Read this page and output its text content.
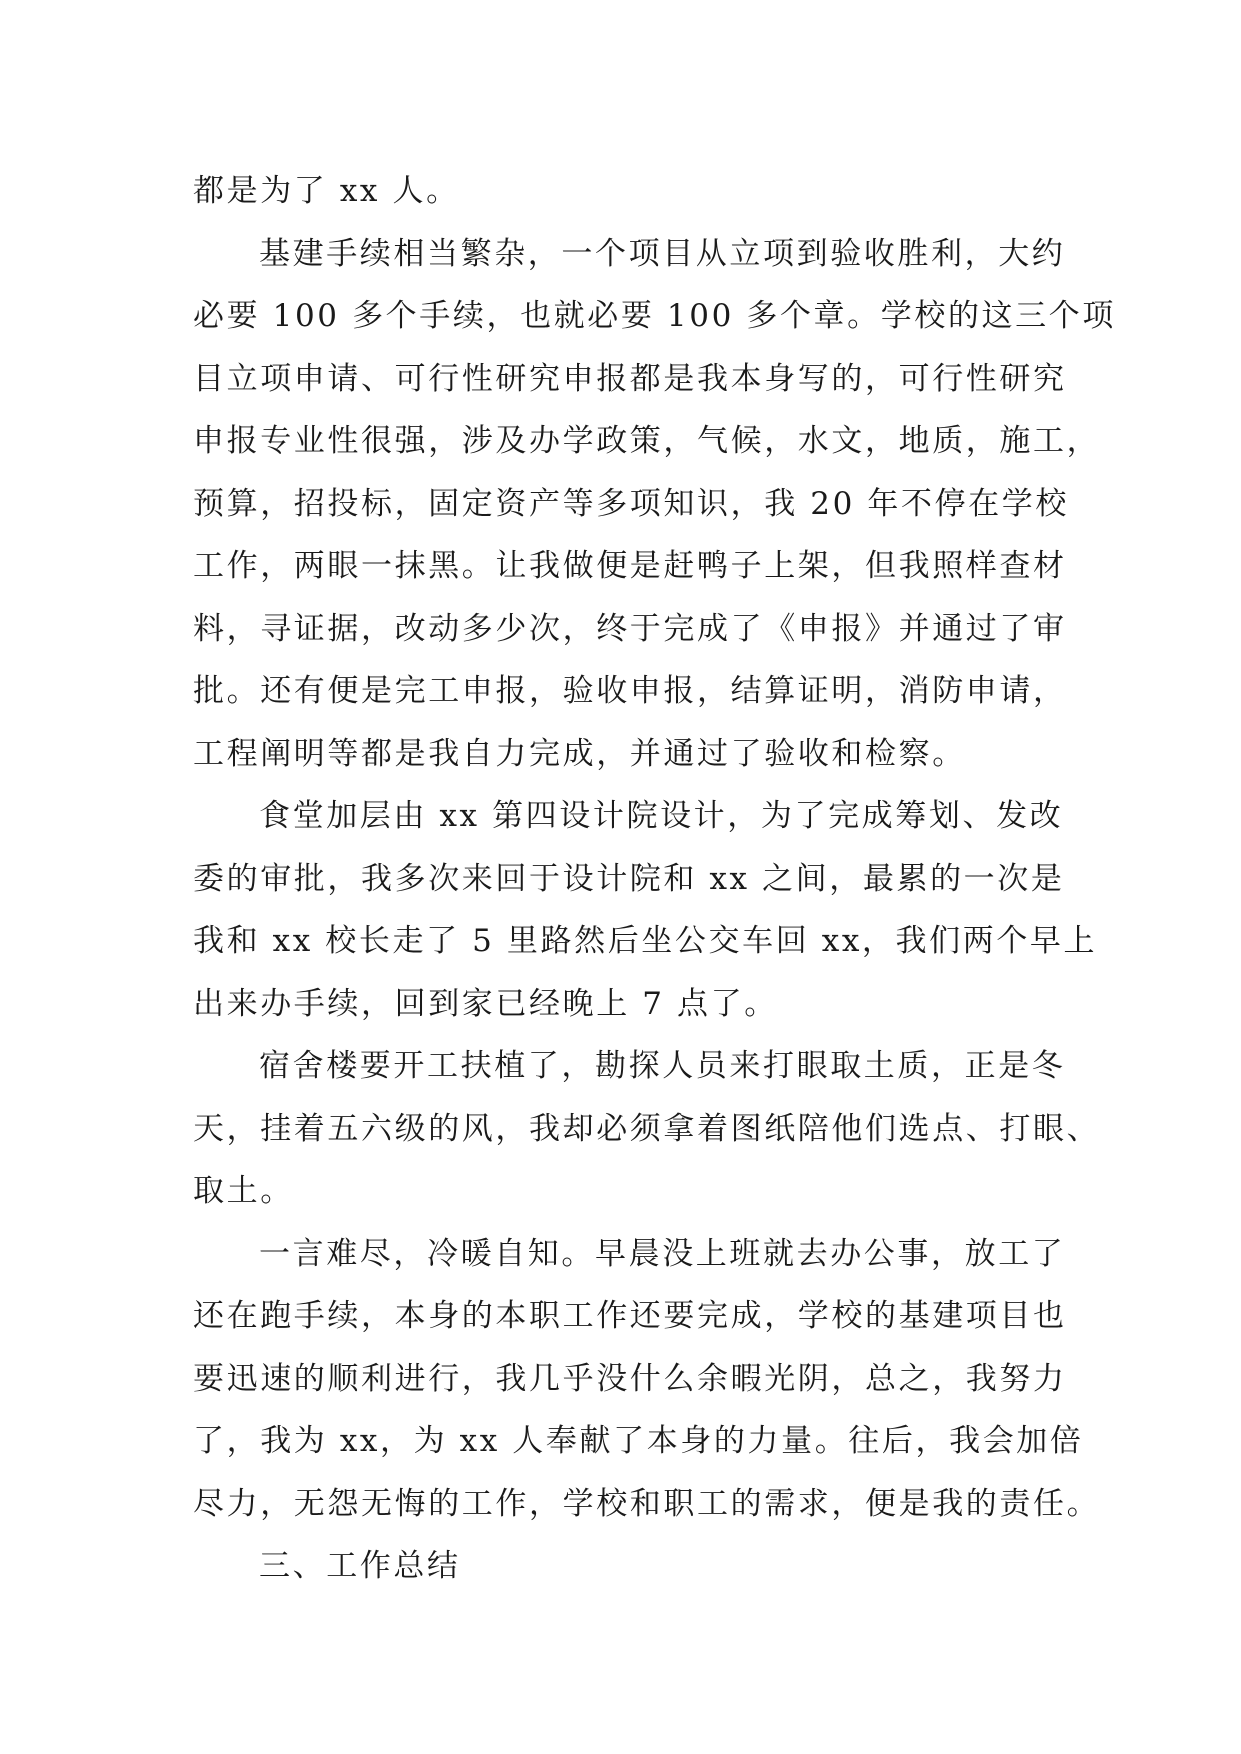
都是为了 xx 人。
基建手续相当繁杂，一个项目从立项到验收胜利，大约
必要 100 多个手续，也就必要 100 多个章。学校的这三个项
目立项申请、可行性研究申报都是我本身写的，可行性研究
申报专业性很强，涉及办学政策，气候，水文，地质，施工，
预算，招投标，固定资产等多项知识，我 20 年不停在学校
工作，两眼一抹黑。让我做便是赶鸭子上架，但我照样查材
料，寻证据，改动多少次，终于完成了《申报》并通过了审
批。还有便是完工申报，验收申报，结算证明，消防申请，
工程阐明等都是我自力完成，并通过了验收和检察。
食堂加层由 xx 第四设计院设计，为了完成筹划、发改
委的审批，我多次来回于设计院和 xx 之间，最累的一次是
我和 xx 校长走了 5 里路然后坐公交车回 xx，我们两个早上
出来办手续，回到家已经晚上 7 点了。
宿舍楼要开工扶植了，勘探人员来打眼取土质，正是冬
天，挂着五六级的风，我却必须拿着图纸陪他们选点、打眼、
取土。
一言难尽，冷暖自知。早晨没上班就去办公事，放工了
还在跑手续，本身的本职工作还要完成，学校的基建项目也
要迅速的顺利进行，我几乎没什么余暇光阴，总之，我努力
了，我为 xx，为 xx 人奉献了本身的力量。往后，我会加倍
尽力，无怨无悔的工作，学校和职工的需求，便是我的责任。
三、工作总结
